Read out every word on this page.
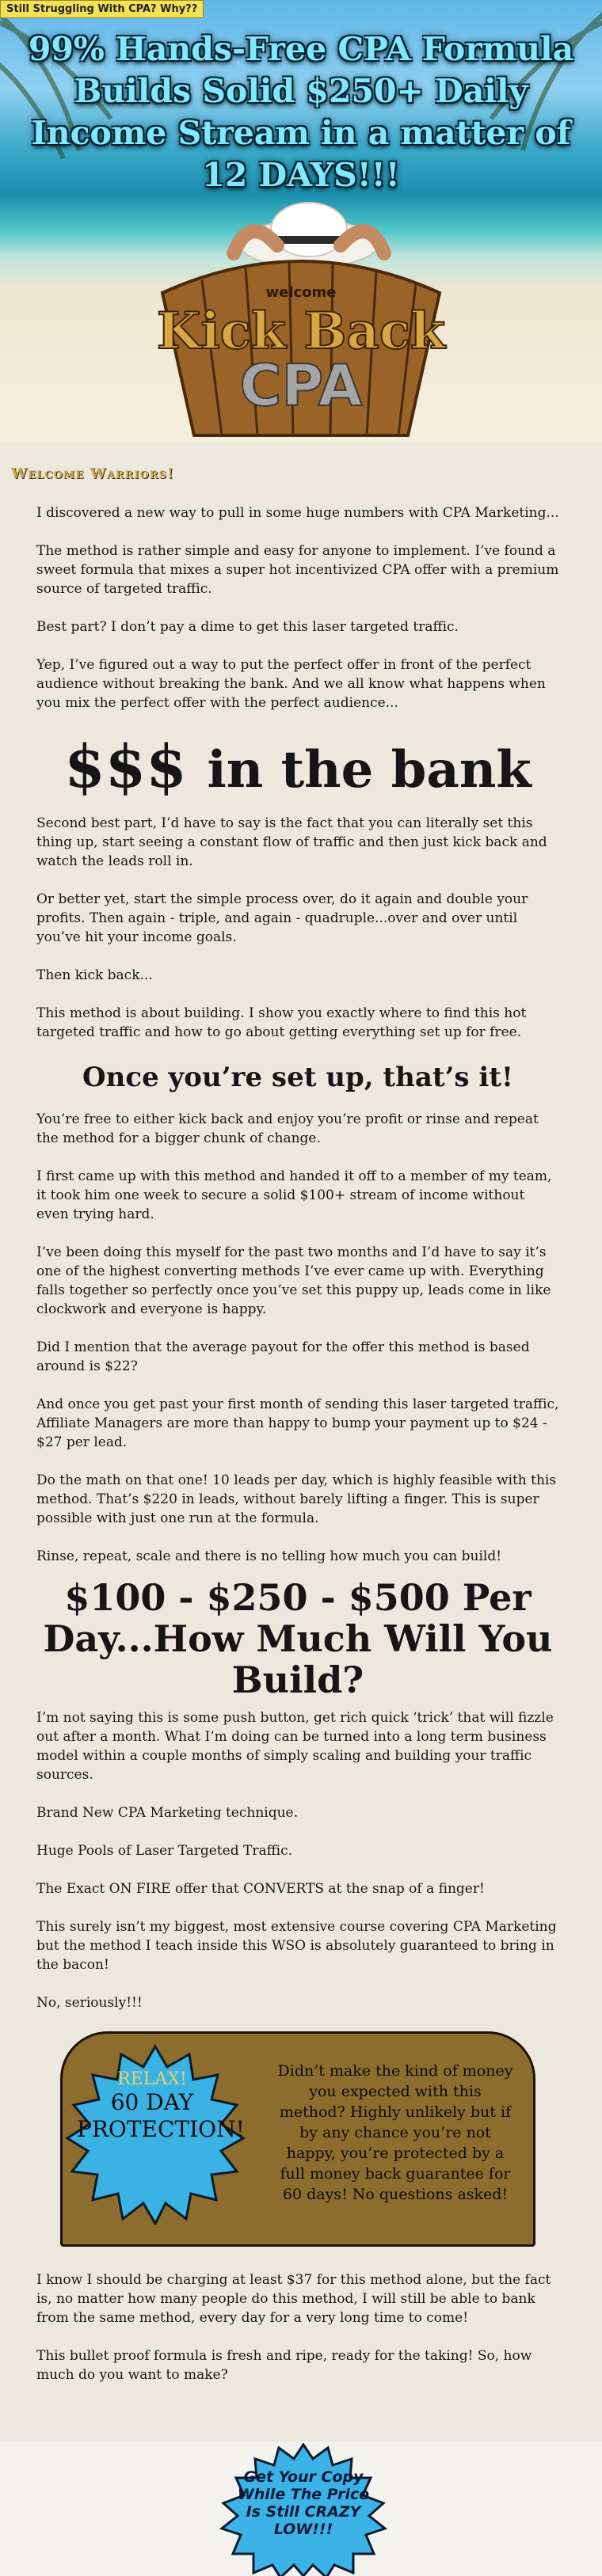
Still Struggling With CPA? Why??
99% Hands-Free CPA Formula Builds Solid $250+ Daily Income Stream in a matter of 12 DAYS!!!
welcome
Kick Back
CPA
Welcome Warriors!

I discovered a new way to pull in some huge numbers with CPA Marketing...

The method is rather simple and easy for anyone to implement. I’ve found a sweet formula that mixes a super hot incentivized CPA offer with a premium source of targeted traffic.

Best part? I don’t pay a dime to get this laser targeted traffic.

Yep, I’ve figured out a way to put the perfect offer in front of the perfect audience without breaking the bank. And we all know what happens when you mix the perfect offer with the perfect audience...

$$$ in the bank

Second best part, I’d have to say is the fact that you can literally set this thing up, start seeing a constant flow of traffic and then just kick back and watch the leads roll in.

Or better yet, start the simple process over, do it again and double your profits. Then again - triple, and again - quadruple...over and over until you’ve hit your income goals.

Then kick back...

This method is about building. I show you exactly where to find this hot targeted traffic and how to go about getting everything set up for free.

Once you’re set up, that’s it!

You’re free to either kick back and enjoy you’re profit or rinse and repeat the method for a bigger chunk of change.

I first came up with this method and handed it off to a member of my team, it took him one week to secure a solid $100+ stream of income without even trying hard.

I’ve been doing this myself for the past two months and I’d have to say it’s one of the highest converting methods I’ve ever came up with. Everything falls together so perfectly once you’ve set this puppy up, leads come in like clockwork and everyone is happy.

Did I mention that the average payout for the offer this method is based around is $22?

And once you get past your first month of sending this laser targeted traffic, Affiliate Managers are more than happy to bump your payment up to $24 - $27 per lead.

Do the math on that one! 10 leads per day, which is highly feasible with this method. That’s $220 in leads, without barely lifting a finger. This is super possible with just one run at the formula.

Rinse, repeat, scale and there is no telling how much you can build!

$100 - $250 - $500 Per Day...How Much Will You Build?

I’m not saying this is some push button, get rich quick ‘trick’ that will fizzle out after a month. What I’m doing can be turned into a long term business model within a couple months of simply scaling and building your traffic sources.

Brand New CPA Marketing technique.

Huge Pools of Laser Targeted Traffic.

The Exact ON FIRE offer that CONVERTS at the snap of a finger!

This surely isn’t my biggest, most extensive course covering CPA Marketing but the method I teach inside this WSO is absolutely guaranteed to bring in the bacon!

No, seriously!!!

RELAX!
60 DAY PROTECTION!
Didn’t make the kind of money you expected with this method? Highly unlikely but if by any chance you’re not happy, you’re protected by a full money back guarantee for 60 days! No questions asked!

I know I should be charging at least $37 for this method alone, but the fact is, no matter how many people do this method, I will still be able to bank from the same method, every day for a very long time to come!

This bullet proof formula is fresh and ripe, ready for the taking! So, how much do you want to make?

Get Your Copy While The Price Is Still CRAZY LOW!!!
